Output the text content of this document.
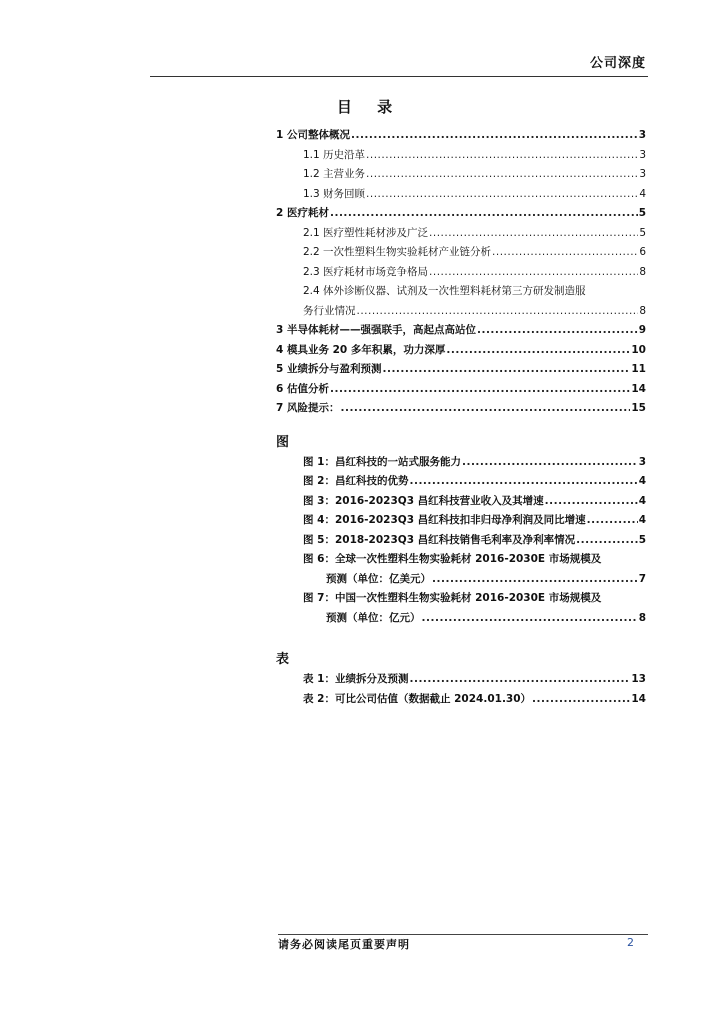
公司深度
目 录
1 公司整体概况 .....	3
1.1 历史沿革 .....	3
1.2 主营业务 .....	3
1.3 财务回顾 .....	4
2 医疗耗材 .....	5
2.1 医疗塑性耗材涉及广泛 .....	5
2.2 一次性塑料生物实验耗材产业链分析 .....	6
2.3 医疗耗材市场竞争格局 .....	8
2.4 体外诊断仪器、试剂及一次性塑料耗材第三方研发制造服
务行业情况 .....	8
3 半导体耗材——强强联手，高起点高站位 .....	9
4 模具业务 20 多年积累，功力深厚 .....	10
5 业绩拆分与盈利预测 .....	11
6 估值分析 .....	14
7 风险提示： .....	15
图
图 1：昌红科技的一站式服务能力 .....	3
图 2：昌红科技的优势 .....	4
图 3：2016-2023Q3 昌红科技营业收入及其增速 .....	4
图 4：2016-2023Q3 昌红科技扣非归母净利润及同比增速 .....	4
图 5：2018-2023Q3 昌红科技销售毛利率及净利率情况 .....	5
图 6：全球一次性塑料生物实验耗材 2016-2030E 市场规模及
预测（单位：亿美元） .....	7
图 7：中国一次性塑料生物实验耗材 2016-2030E 市场规模及
预测（单位：亿元） .....	8
表
表 1：业绩拆分及预测 .....	13
表 2：可比公司估值（数据截止 2024.01.30） .....	14
请务必阅读尾页重要声明	2
